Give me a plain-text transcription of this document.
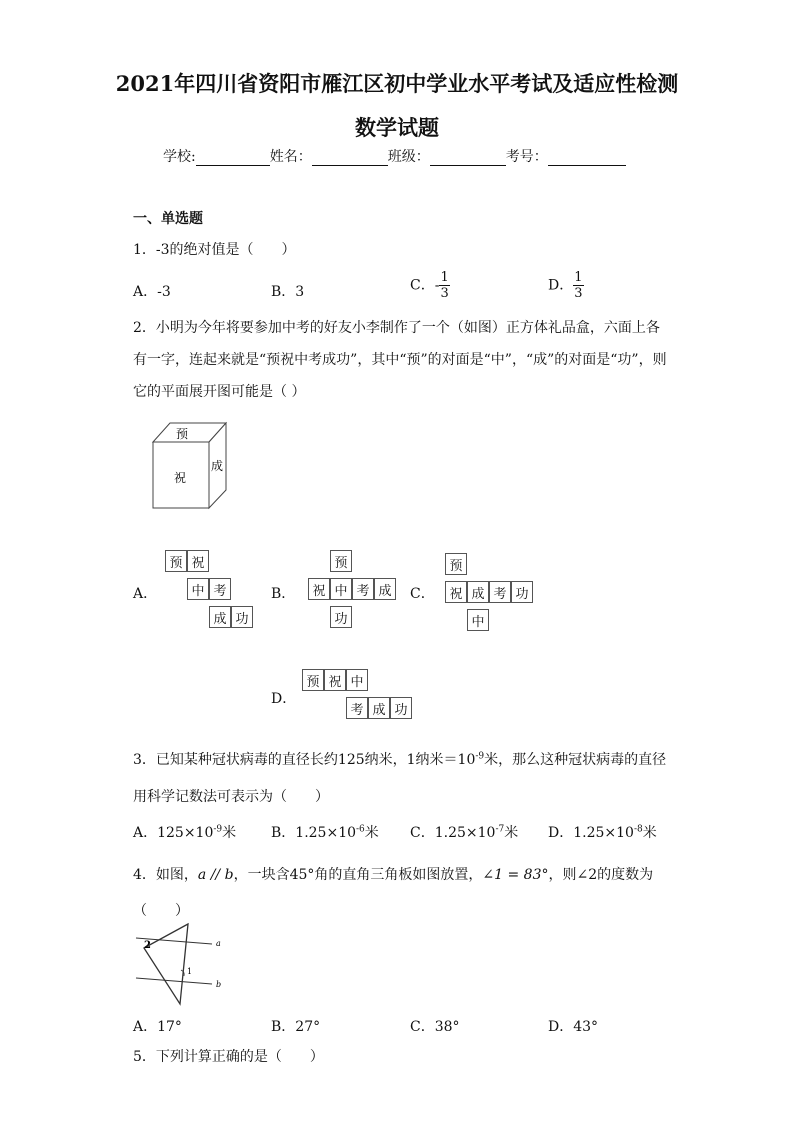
2021年四川省资阳市雁江区初中学业水平考试及适应性检测
数学试题
学校:	姓名：	班级：	考号：
一、单选题
1．-3的绝对值是（　　）
A．-3	B．3	C．- $\frac{1}{3}$	D． $\frac{1}{3}$
2．小明为今年将要参加中考的好友小李制作了一个（如图）正方体礼品盒，六面上各
有一字，连起来就是“预祝中考成功”，其中“预”的对面是“中”，“成”的对面是“功”，则
它的平面展开图可能是（ ）
预
祝
成
A．	B．	C．
D．
预 祝
中 考
成 功
预
祝 中 考 成
功
预
祝 成 考 功
中
预 祝 中
考 成 功
3．已知某种冠状病毒的直径长约125纳米，1纳米$=10^{-9}$米，那么这种冠状病毒的直径
用科学记数法可表示为（　　）
A．$125\times 10^{-9}$米 B．$1.25\times 10^{-6}$米 C．$1.25\times 10^{-7}$米 D．$1.25\times 10^{-8}$米
4．如图，a // b，一块含45°角的直角三角板如图放置，∠1 = 83°，则∠2的度数为
（　　）
a
b
1
2
A．17°	B．27°	C．38°	D．43°
5．下列计算正确的是（　　）
